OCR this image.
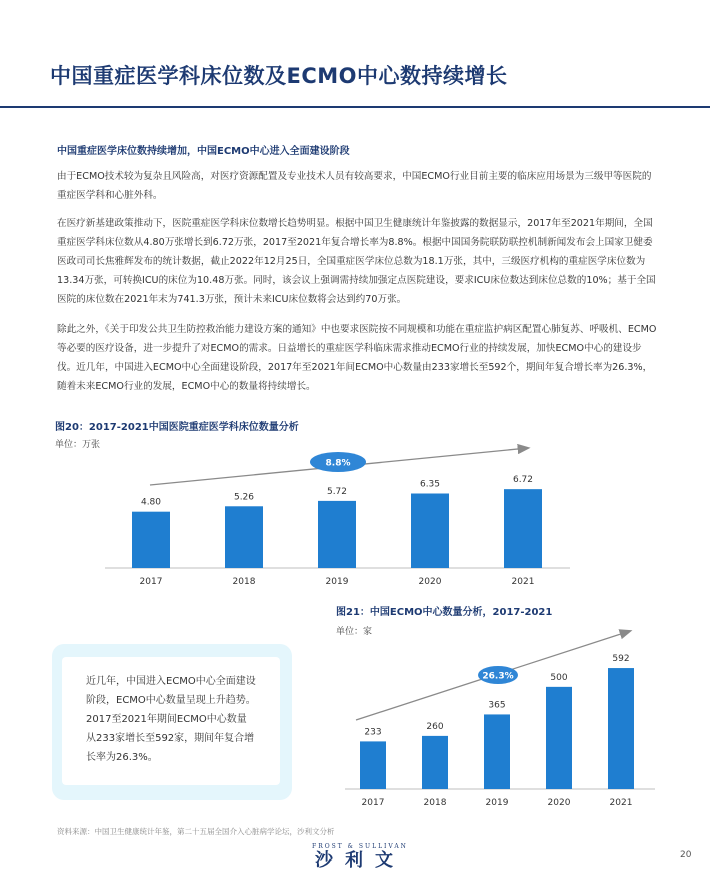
中国重症医学科床位数及ECMO中心数持续增长
中国重症医学床位数持续增加，中国ECMO中心进入全面建设阶段

由于ECMO技术较为复杂且风险高，对医疗资源配置及专业技术人员有较高要求，中国ECMO行业目前主要的临床应用场景为三级甲等医院的重症医学科和心脏外科。

在医疗新基建政策推动下，医院重症医学科床位数增长趋势明显。根据中国卫生健康统计年鉴披露的数据显示，2017年至2021年期间，全国重症医学科床位数从4.80万张增长到6.72万张，2017至2021年复合增长率为8.8%。根据中国国务院联防联控机制新闻发布会上国家卫健委医政司司长焦雅辉发布的统计数据，截止2022年12月25日，全国重症医学床位总数为18.1万张，其中，三级医疗机构的重症医学床位数为13.34万张，可转换ICU的床位为10.48万张。同时，该会议上强调需持续加强定点医院建设，要求ICU床位数达到床位总数的10%；基于全国医院的床位数在2021年末为741.3万张，预计未来ICU床位数将会达到约70万张。

除此之外，《关于印发公共卫生防控救治能力建设方案的通知》中也要求医院按不同规模和功能在重症监护病区配置心肺复苏、呼吸机、ECMO等必要的医疗设备，进一步提升了对ECMO的需求。日益增长的重症医学科临床需求推动ECMO行业的持续发展，加快ECMO中心的建设步伐。近几年，中国进入ECMO中心全面建设阶段，2017年至2021年间ECMO中心数量由233家增长至592个，期间年复合增长率为26.3%，随着未来ECMO行业的发展，ECMO中心的数量将持续增长。

图20：2017-2021中国医院重症医学科床位数量分析
单位：万张
4.80
2017
5.26
2018
5.72
2019
6.35
2020
6.72
2021
8.8%
图21：中国ECMO中心数量分析，2017-2021
单位：家

近几年，中国进入ECMO中心全面建设阶段，ECMO中心数量呈现上升趋势。2017至2021年期间ECMO中心数量从233家增长至592家，期间年复合增长率为26.3%。

233
2017
260
2018
365
2019
500
2020
592
2021
26.3%
资料来源：中国卫生健康统计年鉴，第二十五届全国介入心脏病学论坛，沙利文分析
FROST & SULLIVAN
沙利文	20
